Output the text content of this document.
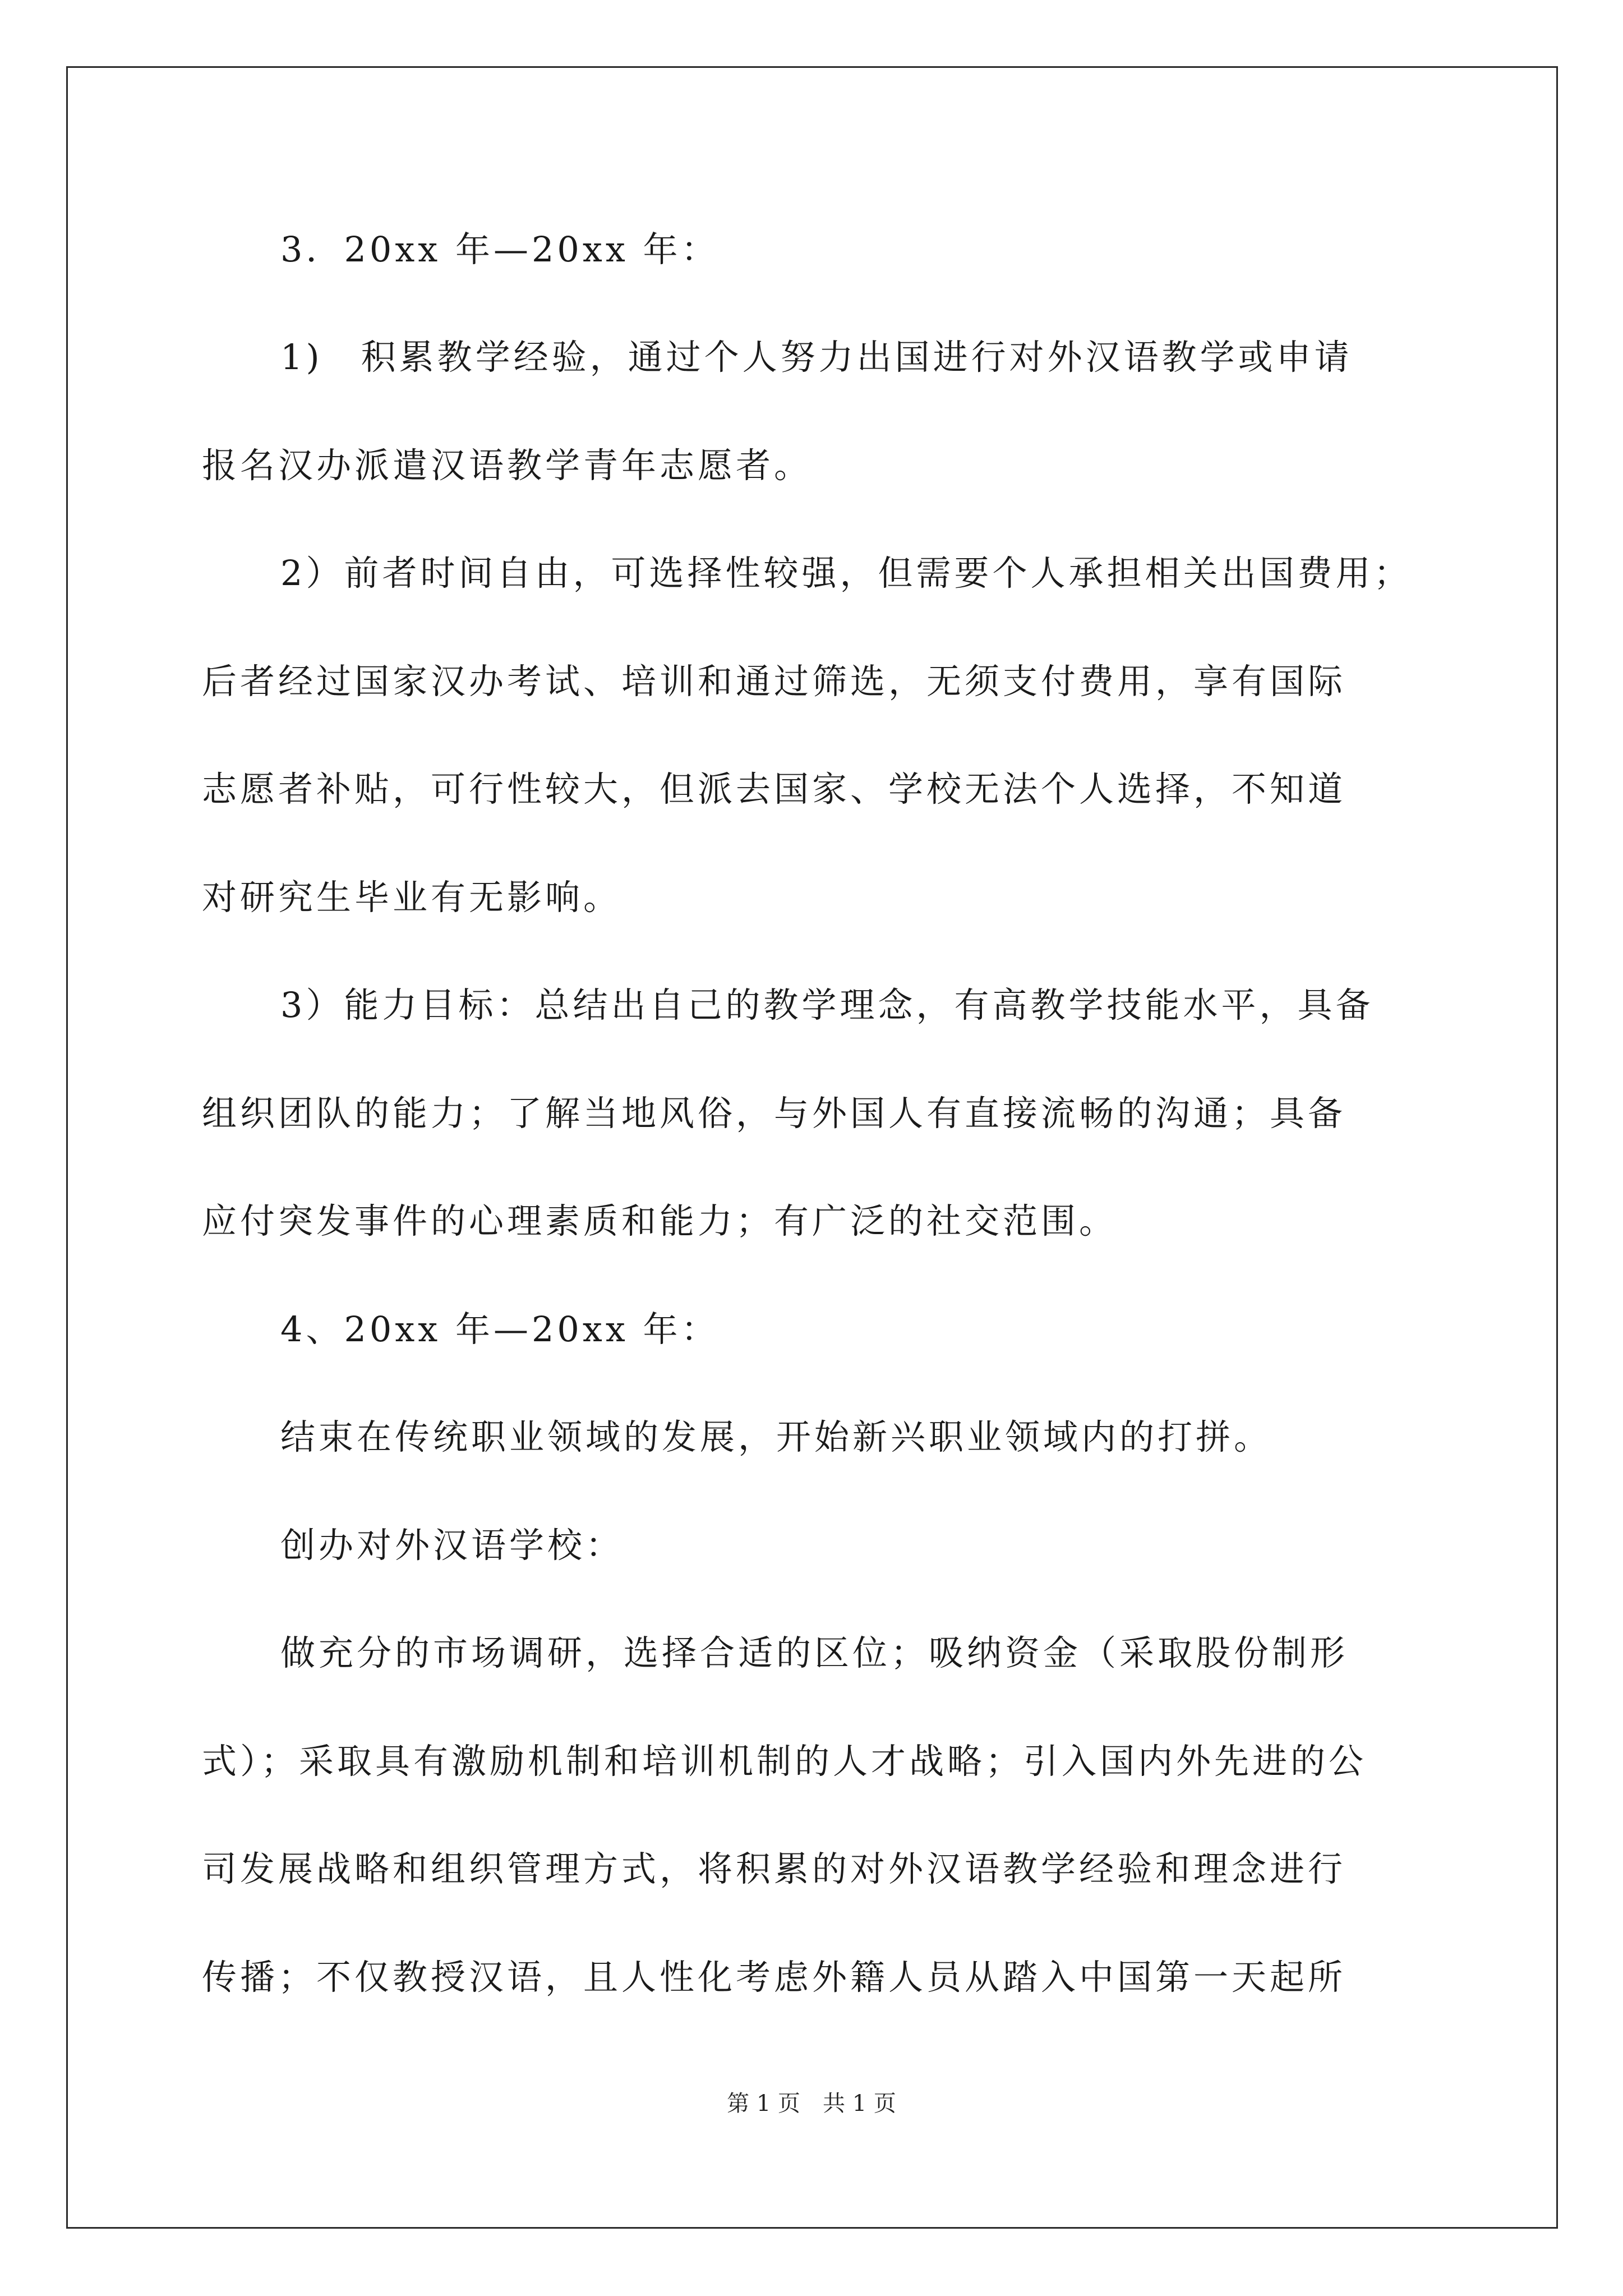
3．20xx 年—20xx 年：
1)　积累教学经验，通过个人努力出国进行对外汉语教学或申请
报名汉办派遣汉语教学青年志愿者。
2）前者时间自由，可选择性较强，但需要个人承担相关出国费用；
后者经过国家汉办考试、培训和通过筛选，无须支付费用，享有国际
志愿者补贴，可行性较大，但派去国家、学校无法个人选择，不知道
对研究生毕业有无影响。
3）能力目标：总结出自己的教学理念，有高教学技能水平，具备
组织团队的能力；了解当地风俗，与外国人有直接流畅的沟通；具备
应付突发事件的心理素质和能力；有广泛的社交范围。
4、20xx 年—20xx 年：
结束在传统职业领域的发展，开始新兴职业领域内的打拼。
创办对外汉语学校：
做充分的市场调研，选择合适的区位；吸纳资金（采取股份制形
式）；采取具有激励机制和培训机制的人才战略；引入国内外先进的公
司发展战略和组织管理方式，将积累的对外汉语教学经验和理念进行
传播；不仅教授汉语，且人性化考虑外籍人员从踏入中国第一天起所
第 1 页　共 1 页
